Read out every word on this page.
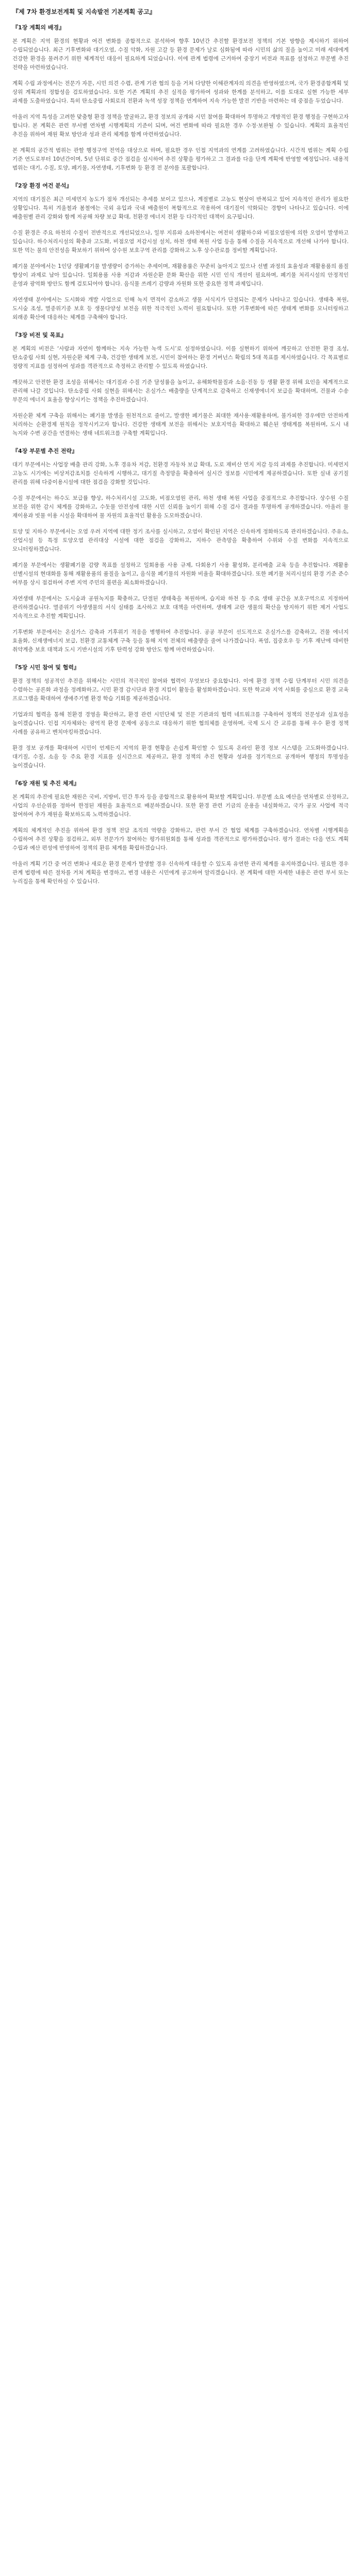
『제 7차 환경보전계획 및 지속발전 기본계획 공고』
『1장 계획의 배경』

본 계획은 지역 환경의 현황과 여건 변화를 종합적으로 분석하여 향후 10년간 추진할 환경보전 정책의 기본 방향을 제시하기 위하여 수립되었습니다. 최근 기후변화와 대기오염, 수질 악화, 자원 고갈 등 환경 문제가 날로 심화됨에 따라 시민의 삶의 질을 높이고 미래 세대에게 건강한 환경을 물려주기 위한 체계적인 대응이 필요하게 되었습니다. 이에 관계 법령에 근거하여 중장기 비전과 목표를 설정하고 부문별 추진 전략을 마련하였습니다.

계획 수립 과정에서는 전문가 자문, 시민 의견 수렴, 관계 기관 협의 등을 거쳐 다양한 이해관계자의 의견을 반영하였으며, 국가 환경종합계획 및 상위 계획과의 정합성을 검토하였습니다. 또한 기존 계획의 추진 실적을 평가하여 성과와 한계를 분석하고, 이를 토대로 실현 가능한 세부 과제를 도출하였습니다. 특히 탄소중립 사회로의 전환과 녹색 성장 정책을 연계하여 지속 가능한 발전 기반을 마련하는 데 중점을 두었습니다.

아울러 지역 특성을 고려한 맞춤형 환경 정책을 발굴하고, 환경 정보의 공개와 시민 참여를 확대하여 투명하고 개방적인 환경 행정을 구현하고자 합니다. 본 계획은 관련 부서별 연차별 시행계획의 기준이 되며, 여건 변화에 따라 필요한 경우 수정·보완될 수 있습니다. 계획의 효율적인 추진을 위하여 재원 확보 방안과 성과 관리 체계를 함께 마련하였습니다.

본 계획의 공간적 범위는 관할 행정구역 전역을 대상으로 하며, 필요한 경우 인접 지역과의 연계를 고려하였습니다. 시간적 범위는 계획 수립 기준 연도로부터 10년간이며, 5년 단위로 중간 점검을 실시하여 추진 상황을 평가하고 그 결과를 다음 단계 계획에 반영할 예정입니다. 내용적 범위는 대기, 수질, 토양, 폐기물, 자연생태, 기후변화 등 환경 전 분야를 포괄합니다.

『2장 환경 여건 분석』

지역의 대기질은 최근 미세먼지 농도가 점차 개선되는 추세를 보이고 있으나, 계절별로 고농도 현상이 반복되고 있어 지속적인 관리가 필요한 상황입니다. 특히 겨울철과 봄철에는 국외 유입과 국내 배출원이 복합적으로 작용하여 대기질이 악화되는 경향이 나타나고 있습니다. 이에 배출원별 관리 강화와 함께 저공해 차량 보급 확대, 친환경 에너지 전환 등 다각적인 대책이 요구됩니다.

수질 환경은 주요 하천의 수질이 전반적으로 개선되었으나, 일부 지류와 소하천에서는 여전히 생활하수와 비점오염원에 의한 오염이 발생하고 있습니다. 하수처리시설의 확충과 고도화, 비점오염 저감시설 설치, 하천 생태 복원 사업 등을 통해 수질을 지속적으로 개선해 나가야 합니다. 또한 먹는 물의 안전성을 확보하기 위하여 상수원 보호구역 관리를 강화하고 노후 상수관로를 정비할 계획입니다.

폐기물 분야에서는 1인당 생활폐기물 발생량이 증가하는 추세이며, 재활용률은 꾸준히 높아지고 있으나 선별 과정의 효율성과 재활용품의 품질 향상이 과제로 남아 있습니다. 일회용품 사용 저감과 자원순환 문화 확산을 위한 시민 인식 개선이 필요하며, 폐기물 처리시설의 안정적인 운영과 광역화 방안도 함께 검토되어야 합니다. 음식물 쓰레기 감량과 자원화 또한 중요한 정책 과제입니다.

자연생태 분야에서는 도시화와 개발 사업으로 인해 녹지 면적이 감소하고 생물 서식지가 단절되는 문제가 나타나고 있습니다. 생태축 복원, 도시숲 조성, 멸종위기종 보호 등 생물다양성 보전을 위한 적극적인 노력이 필요합니다. 또한 기후변화에 따른 생태계 변화를 모니터링하고 외래종 확산에 대응하는 체계를 구축해야 합니다.

『3장 비전 및 목표』

본 계획의 비전은 ‘사람과 자연이 함께하는 지속 가능한 녹색 도시’로 설정하였습니다. 이를 실현하기 위하여 깨끗하고 안전한 환경 조성, 탄소중립 사회 실현, 자원순환 체계 구축, 건강한 생태계 보전, 시민이 참여하는 환경 거버넌스 확립의 5대 목표를 제시하였습니다. 각 목표별로 정량적 지표를 설정하여 성과를 객관적으로 측정하고 관리할 수 있도록 하였습니다.

깨끗하고 안전한 환경 조성을 위해서는 대기질과 수질 기준 달성률을 높이고, 유해화학물질과 소음·진동 등 생활 환경 위해 요인을 체계적으로 관리해 나갈 것입니다. 탄소중립 사회 실현을 위해서는 온실가스 배출량을 단계적으로 감축하고 신재생에너지 보급을 확대하며, 건물과 수송 부문의 에너지 효율을 향상시키는 정책을 추진하겠습니다.

자원순환 체계 구축을 위해서는 폐기물 발생을 원천적으로 줄이고, 발생한 폐기물은 최대한 재사용·재활용하며, 불가피한 경우에만 안전하게 처리하는 순환경제 원칙을 정착시키고자 합니다. 건강한 생태계 보전을 위해서는 보호지역을 확대하고 훼손된 생태계를 복원하며, 도시 내 녹지와 수변 공간을 연결하는 생태 네트워크를 구축할 계획입니다.

『4장 부문별 추진 전략』

대기 부문에서는 사업장 배출 관리 강화, 노후 경유차 저감, 친환경 자동차 보급 확대, 도로 재비산 먼지 저감 등의 과제를 추진합니다. 미세먼지 고농도 시기에는 비상저감조치를 신속하게 시행하고, 대기질 측정망을 확충하여 실시간 정보를 시민에게 제공하겠습니다. 또한 실내 공기질 관리를 위해 다중이용시설에 대한 점검을 강화할 것입니다.

수질 부문에서는 하수도 보급률 향상, 하수처리시설 고도화, 비점오염원 관리, 하천 생태 복원 사업을 중점적으로 추진합니다. 상수원 수질 보전을 위한 감시 체계를 강화하고, 수돗물 안전성에 대한 시민 신뢰를 높이기 위해 수질 검사 결과를 투명하게 공개하겠습니다. 아울러 물 재이용과 빗물 이용 시설을 확대하여 물 자원의 효율적인 활용을 도모하겠습니다.

토양 및 지하수 부문에서는 오염 우려 지역에 대한 정기 조사를 실시하고, 오염이 확인된 지역은 신속하게 정화하도록 관리하겠습니다. 주유소, 산업시설 등 특정 토양오염 관리대상 시설에 대한 점검을 강화하고, 지하수 관측망을 확충하여 수위와 수질 변화를 지속적으로 모니터링하겠습니다.

폐기물 부문에서는 생활폐기물 감량 목표를 설정하고 일회용품 사용 규제, 다회용기 사용 활성화, 분리배출 교육 등을 추진합니다. 재활용 선별시설의 현대화를 통해 재활용품의 품질을 높이고, 음식물 폐기물의 자원화 비율을 확대하겠습니다. 또한 폐기물 처리시설의 환경 기준 준수 여부를 상시 점검하여 주변 지역 주민의 불편을 최소화하겠습니다.

자연생태 부문에서는 도시숲과 공원녹지를 확충하고, 단절된 생태축을 복원하며, 습지와 하천 등 주요 생태 공간을 보호구역으로 지정하여 관리하겠습니다. 멸종위기 야생생물의 서식 실태를 조사하고 보호 대책을 마련하며, 생태계 교란 생물의 확산을 방지하기 위한 제거 사업도 지속적으로 추진할 계획입니다.

기후변화 부문에서는 온실가스 감축과 기후위기 적응을 병행하여 추진합니다. 공공 부문이 선도적으로 온실가스를 감축하고, 건물 에너지 효율화, 신재생에너지 보급, 친환경 교통체계 구축 등을 통해 지역 전체의 배출량을 줄여 나가겠습니다. 폭염, 집중호우 등 기후 재난에 대비한 취약계층 보호 대책과 도시 기반시설의 기후 탄력성 강화 방안도 함께 마련하였습니다.

『5장 시민 참여 및 협력』

환경 정책의 성공적인 추진을 위해서는 시민의 적극적인 참여와 협력이 무엇보다 중요합니다. 이에 환경 정책 수립 단계부터 시민 의견을 수렴하는 공론화 과정을 정례화하고, 시민 환경 감시단과 환경 지킴이 활동을 활성화하겠습니다. 또한 학교와 지역 사회를 중심으로 환경 교육 프로그램을 확대하여 생애주기별 환경 학습 기회를 제공하겠습니다.

기업과의 협력을 통해 친환경 경영을 확산하고, 환경 관련 시민단체 및 전문 기관과의 협력 네트워크를 구축하여 정책의 전문성과 실효성을 높이겠습니다. 인접 지자체와는 광역적 환경 문제에 공동으로 대응하기 위한 협의체를 운영하며, 국제 도시 간 교류를 통해 우수 환경 정책 사례를 공유하고 벤치마킹하겠습니다.

환경 정보 공개를 확대하여 시민이 언제든지 지역의 환경 현황을 손쉽게 확인할 수 있도록 온라인 환경 정보 시스템을 고도화하겠습니다. 대기질, 수질, 소음 등 주요 환경 지표를 실시간으로 제공하고, 환경 정책의 추진 현황과 성과를 정기적으로 공개하여 행정의 투명성을 높이겠습니다.

『6장 재원 및 추진 체계』

본 계획의 추진에 필요한 재원은 국비, 지방비, 민간 투자 등을 종합적으로 활용하여 확보할 계획입니다. 부문별 소요 예산을 연차별로 산정하고, 사업의 우선순위를 정하여 한정된 재원을 효율적으로 배분하겠습니다. 또한 환경 관련 기금의 운용을 내실화하고, 국가 공모 사업에 적극 참여하여 추가 재원을 확보하도록 노력하겠습니다.

계획의 체계적인 추진을 위하여 환경 정책 전담 조직의 역량을 강화하고, 관련 부서 간 협업 체계를 구축하겠습니다. 연차별 시행계획을 수립하여 추진 상황을 점검하고, 외부 전문가가 참여하는 평가위원회를 통해 성과를 객관적으로 평가하겠습니다. 평가 결과는 다음 연도 계획 수립과 예산 편성에 반영하여 정책의 환류 체계를 확립하겠습니다.

아울러 계획 기간 중 여건 변화나 새로운 환경 문제가 발생할 경우 신속하게 대응할 수 있도록 유연한 관리 체계를 유지하겠습니다. 필요한 경우 관계 법령에 따른 절차를 거쳐 계획을 변경하고, 변경 내용은 시민에게 공고하여 알리겠습니다. 본 계획에 대한 자세한 내용은 관련 부서 또는 누리집을 통해 확인하실 수 있습니다.
